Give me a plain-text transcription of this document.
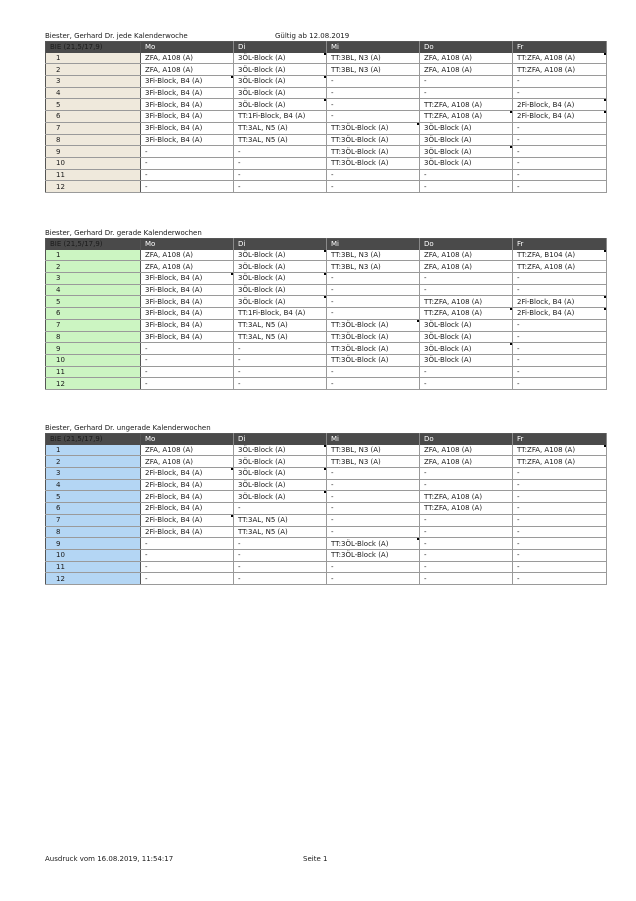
Biester, Gerhard Dr. jede Kalenderwoche	Gültig ab 12.08.2019
BIE (21,5/17,9)	Mo	Di	Mi	Do	Fr
1	ZFA, A108 (A)	3ÖL-Block (A)	TT:3BL, N3 (A)	ZFA, A108 (A)	TT:ZFA, A108 (A)
2	ZFA, A108 (A)	3ÖL-Block (A)	TT:3BL, N3 (A)	ZFA, A108 (A)	TT:ZFA, A108 (A)
3	3Fi-Block, B4 (A)	3ÖL-Block (A)	-	-	-
4	3Fi-Block, B4 (A)	3ÖL-Block (A)	-	-	-
5	3Fi-Block, B4 (A)	3ÖL-Block (A)	-	TT:ZFA, A108 (A)	2Fi-Block, B4 (A)
6	3Fi-Block, B4 (A)	TT:1Fi-Block, B4 (A)	-	TT:ZFA, A108 (A)	2Fi-Block, B4 (A)
7	3Fi-Block, B4 (A)	TT:3AL, N5 (A)	TT:3ÖL-Block (A)	3ÖL-Block (A)	-
8	3Fi-Block, B4 (A)	TT:3AL, N5 (A)	TT:3ÖL-Block (A)	3ÖL-Block (A)	-
9	-	-	TT:3ÖL-Block (A)	3ÖL-Block (A)	-
10	-	-	TT:3ÖL-Block (A)	3ÖL-Block (A)	-
11	-	-	-	-	-
12	-	-	-	-	-
Biester, Gerhard Dr. gerade Kalenderwochen
BIE (21,5/17,9)	Mo	Di	Mi	Do	Fr
1	ZFA, A108 (A)	3ÖL-Block (A)	TT:3BL, N3 (A)	ZFA, A108 (A)	TT:ZFA, B104 (A)
2	ZFA, A108 (A)	3ÖL-Block (A)	TT:3BL, N3 (A)	ZFA, A108 (A)	TT:ZFA, A108 (A)
3	3Fi-Block, B4 (A)	3ÖL-Block (A)	-	-	-
4	3Fi-Block, B4 (A)	3ÖL-Block (A)	-	-	-
5	3Fi-Block, B4 (A)	3ÖL-Block (A)	-	TT:ZFA, A108 (A)	2Fi-Block, B4 (A)
6	3Fi-Block, B4 (A)	TT:1Fi-Block, B4 (A)	-	TT:ZFA, A108 (A)	2Fi-Block, B4 (A)
7	3Fi-Block, B4 (A)	TT:3AL, N5 (A)	TT:3ÖL-Block (A)	3ÖL-Block (A)	-
8	3Fi-Block, B4 (A)	TT:3AL, N5 (A)	TT:3ÖL-Block (A)	3ÖL-Block (A)	-
9	-	-	TT:3ÖL-Block (A)	3ÖL-Block (A)	-
10	-	-	TT:3ÖL-Block (A)	3ÖL-Block (A)	-
11	-	-	-	-	-
12	-	-	-	-	-
Biester, Gerhard Dr. ungerade Kalenderwochen
BIE (21,5/17,9)	Mo	Di	Mi	Do	Fr
1	ZFA, A108 (A)	3ÖL-Block (A)	TT:3BL, N3 (A)	ZFA, A108 (A)	TT:ZFA, A108 (A)
2	ZFA, A108 (A)	3ÖL-Block (A)	TT:3BL, N3 (A)	ZFA, A108 (A)	TT:ZFA, A108 (A)
3	2Fi-Block, B4 (A)	3ÖL-Block (A)	-	-	-
4	2Fi-Block, B4 (A)	3ÖL-Block (A)	-	-	-
5	2Fi-Block, B4 (A)	3ÖL-Block (A)	-	TT:ZFA, A108 (A)	-
6	2Fi-Block, B4 (A)	-	-	TT:ZFA, A108 (A)	-
7	2Fi-Block, B4 (A)	TT:3AL, N5 (A)	-	-	-
8	2Fi-Block, B4 (A)	TT:3AL, N5 (A)	-	-	-
9	-	-	TT:3ÖL-Block (A)	-	-
10	-	-	TT:3ÖL-Block (A)	-	-
11	-	-	-	-	-
12	-	-	-	-	-
Ausdruck vom 16.08.2019, 11:54:17	Seite 1
